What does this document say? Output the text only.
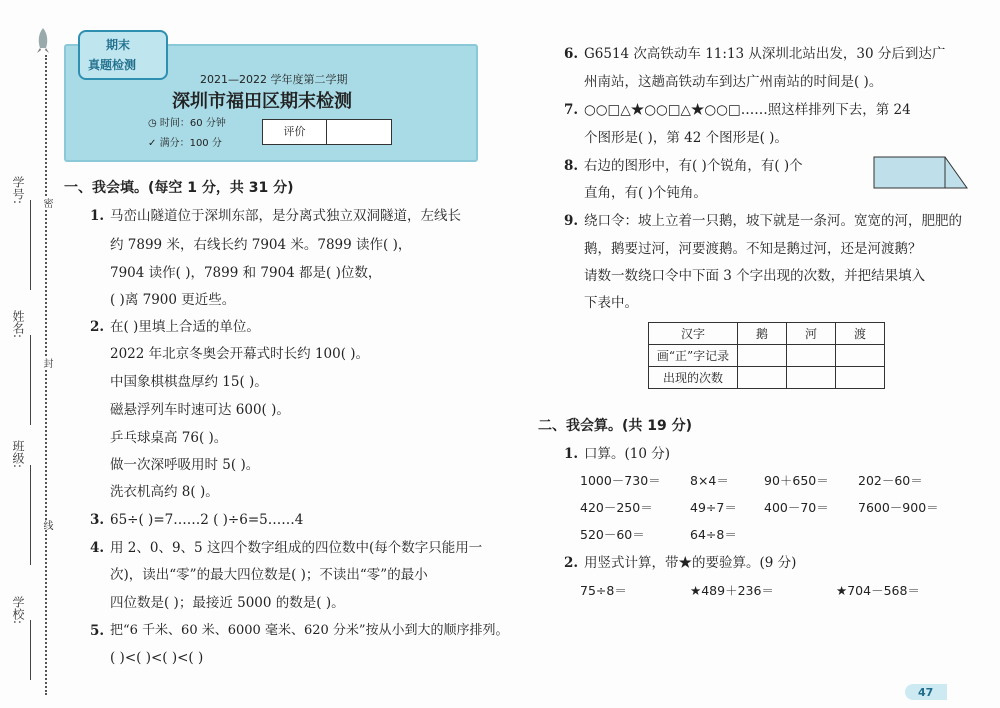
学号:
姓名:
班级:
学校:
密
封
线
期末
真题检测
2021—2022 学年度第二学期
深圳市福田区期末检测
◷ 时间：60 分钟
✓ 满分：100 分
评价
一、我会填。(每空 1 分，共 31 分)
1. 马峦山隧道位于深圳东部，是分离式独立双洞隧道，左线长
约 7899 米，右线长约 7904 米。7899 读作( )，
7904 读作( )，7899 和 7904 都是( )位数，
( )离 7900 更近些。
2. 在( )里填上合适的单位。
2022 年北京冬奥会开幕式时长约 100( )。
中国象棋棋盘厚约 15( )。
磁悬浮列车时速可达 600( )。
乒乓球桌高 76( )。
做一次深呼吸用时 5( )。
洗衣机高约 8( )。
3. 65÷( )=7……2 ( )÷6=5……4
4. 用 2、0、9、5 这四个数字组成的四位数中(每个数字只能用一
次)，读出“零”的最大四位数是( )；不读出“零”的最小
四位数是( )；最接近 5000 的数是( )。
5. 把“6 千米、60 米、6000 毫米、620 分米”按从小到大的顺序排列。
( )<( )<( )<( )
6. G6514 次高铁动车 11:13 从深圳北站出发，30 分后到达广
州南站，这趟高铁动车到达广州南站的时间是( )。
7. ○○□△★○○□△★○○□……照这样排列下去，第 24
个图形是( )，第 42 个图形是( )。
8. 右边的图形中，有( )个锐角，有( )个
直角，有( )个钝角。
9. 绕口令：坡上立着一只鹅，坡下就是一条河。宽宽的河，肥肥的
鹅，鹅要过河，河要渡鹅。不知是鹅过河，还是河渡鹅？
请数一数绕口令中下面 3 个字出现的次数，并把结果填入
下表中。
汉字	鹅	河	渡
画“正”字记录			
出现的次数			
二、我会算。(共 19 分)
1. 口算。(10 分)
1000－730＝ 8×4＝	90＋650＝ 202－60＝
420－250＝	49÷7＝ 400－70＝ 7600－900＝
520－60＝	64÷8＝
2. 用竖式计算，带★的要验算。(9 分)
75÷8＝	★489＋236＝	★704－568＝
47
